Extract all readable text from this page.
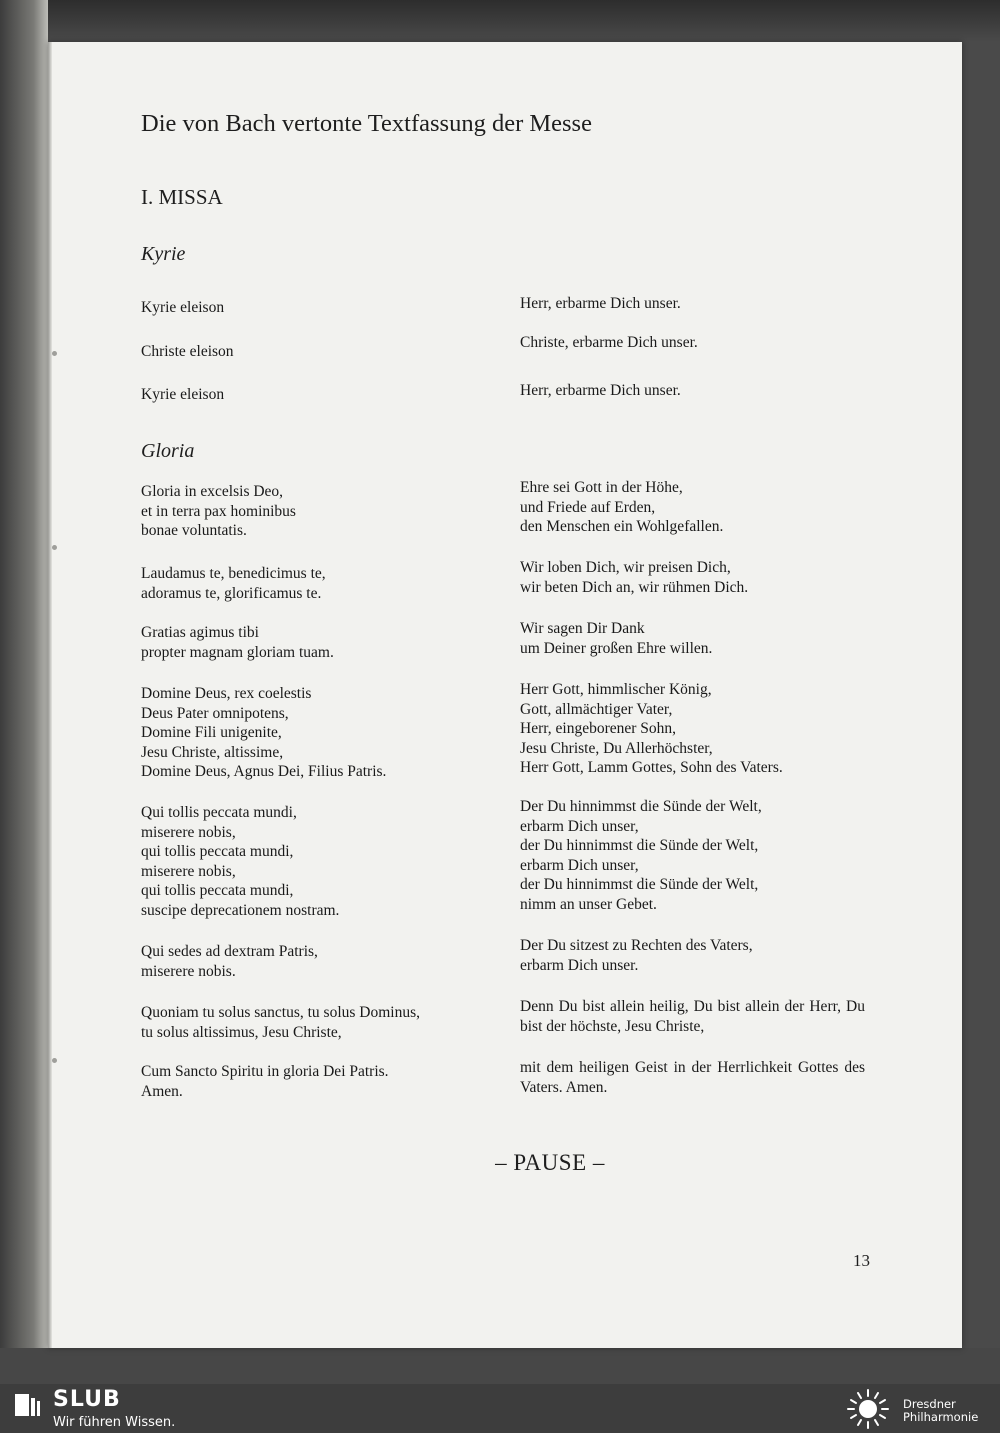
Die von Bach vertonte Textfassung der Messe
I. MISSA
Kyrie
Gloria

Kyrie eleison

Christe eleison

Kyrie eleison

Gloria in excelsis Deo,
et in terra pax hominibus
bonae voluntatis.

Laudamus te, benedicimus te,
adoramus te, glorificamus te.

Gratias agimus tibi
propter magnam gloriam tuam.

Domine Deus, rex coelestis
Deus Pater omnipotens,
Domine Fili unigenite,
Jesu Christe, altissime,
Domine Deus, Agnus Dei, Filius Patris.

Qui tollis peccata mundi,
miserere nobis,
qui tollis peccata mundi,
miserere nobis,
qui tollis peccata mundi,
suscipe deprecationem nostram.

Qui sedes ad dextram Patris,
miserere nobis.

Quoniam tu solus sanctus, tu solus Dominus,
tu solus altissimus, Jesu Christe,

Cum Sancto Spiritu in gloria Dei Patris.
Amen.

Herr, erbarme Dich unser.

Christe, erbarme Dich unser.

Herr, erbarme Dich unser.

Ehre sei Gott in der Höhe,
und Friede auf Erden,
den Menschen ein Wohlgefallen.

Wir loben Dich, wir preisen Dich,
wir beten Dich an, wir rühmen Dich.

Wir sagen Dir Dank
um Deiner großen Ehre willen.

Herr Gott, himmlischer König,
Gott, allmächtiger Vater,
Herr, eingeborener Sohn,
Jesu Christe, Du Allerhöchster,
Herr Gott, Lamm Gottes, Sohn des Vaters.

Der Du hinnimmst die Sünde der Welt,
erbarm Dich unser,
der Du hinnimmst die Sünde der Welt,
erbarm Dich unser,
der Du hinnimmst die Sünde der Welt,
nimm an unser Gebet.

Der Du sitzest zu Rechten des Vaters,
erbarm Dich unser.

Denn Du bist allein heilig, Du bist allein der Herr, Du bist der höchste, Jesu Christe,

mit dem heiligen Geist in der Herrlichkeit Gottes des Vaters. Amen.

– PAUSE –
13
SLUB
Wir führen Wissen.
Dresdner
Philharmonie
